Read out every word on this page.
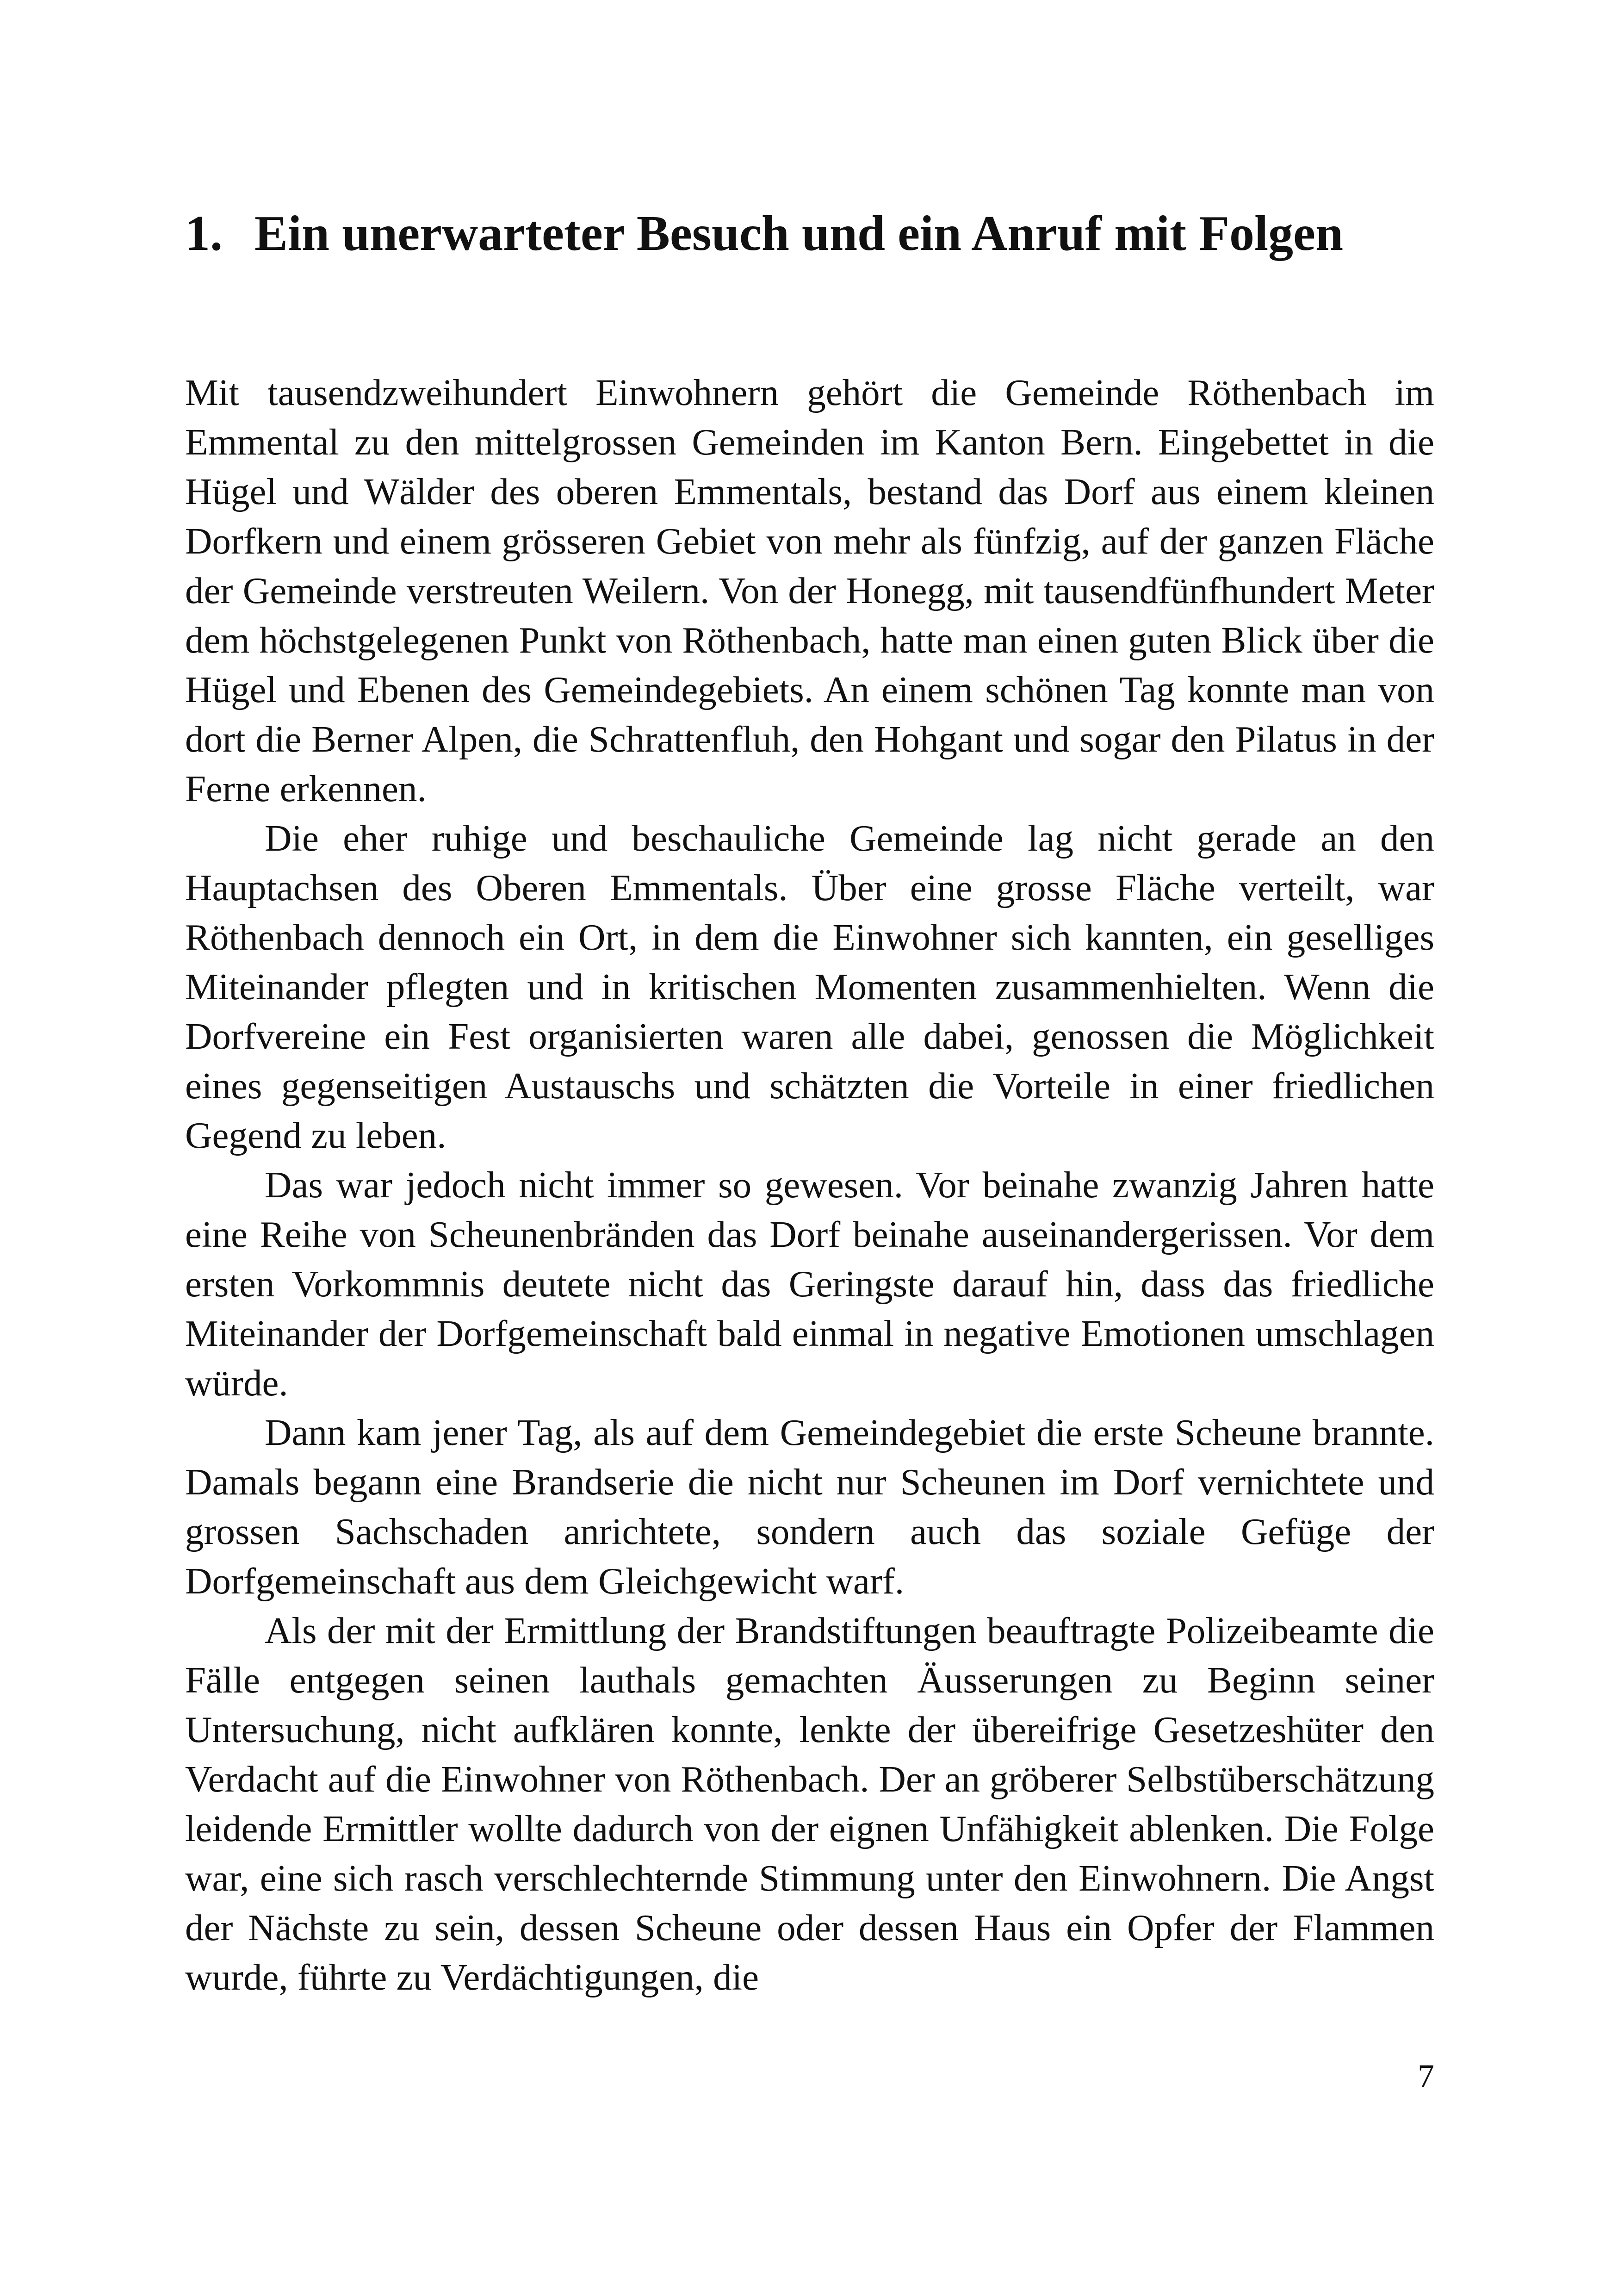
1. Ein unerwarteter Besuch und ein Anruf mit Folgen

Mit tausendzweihundert Einwohnern gehört die Gemeinde Röthenbach im Emmental zu den mittelgrossen Gemeinden im Kanton Bern. Eingebettet in die Hügel und Wälder des oberen Emmentals, bestand das Dorf aus einem kleinen Dorfkern und einem grösseren Gebiet von mehr als fünfzig, auf der ganzen Fläche der Gemeinde verstreuten Weilern. Von der Honegg, mit tausendfünfhundert Meter dem höchstgelegenen Punkt von Röthenbach, hatte man einen guten Blick über die Hügel und Ebenen des Gemeindegebiets. An einem schönen Tag konnte man von dort die Berner Alpen, die Schrattenfluh, den Hohgant und sogar den Pilatus in der Ferne erkennen.

Die eher ruhige und beschauliche Gemeinde lag nicht gerade an den Hauptachsen des Oberen Emmentals. Über eine grosse Fläche verteilt, war Röthenbach dennoch ein Ort, in dem die Einwohner sich kannten, ein geselliges Miteinander pflegten und in kritischen Momenten zusammenhielten. Wenn die Dorfvereine ein Fest organisierten waren alle dabei, genossen die Möglichkeit eines gegenseitigen Austauschs und schätzten die Vorteile in einer friedlichen Gegend zu leben.

Das war jedoch nicht immer so gewesen. Vor beinahe zwanzig Jahren hatte eine Reihe von Scheunenbränden das Dorf beinahe auseinandergerissen. Vor dem ersten Vorkommnis deutete nicht das Geringste darauf hin, dass das friedliche Miteinander der Dorfgemeinschaft bald einmal in negative Emotionen umschlagen würde.

Dann kam jener Tag, als auf dem Gemeindegebiet die erste Scheune brannte. Damals begann eine Brandserie die nicht nur Scheunen im Dorf vernichtete und grossen Sachschaden anrichtete, sondern auch das soziale Gefüge der Dorfgemeinschaft aus dem Gleichgewicht warf.

Als der mit der Ermittlung der Brandstiftungen beauftragte Polizeibeamte die Fälle entgegen seinen lauthals gemachten Äusserungen zu Beginn seiner Untersuchung, nicht aufklären konnte, lenkte der übereifrige Gesetzeshüter den Verdacht auf die Einwohner von Röthenbach. Der an gröberer Selbstüberschätzung leidende Ermittler wollte dadurch von der eignen Unfähigkeit ablenken. Die Folge war, eine sich rasch verschlechternde Stimmung unter den Einwohnern. Die Angst der Nächste zu sein, dessen Scheune oder dessen Haus ein Opfer der Flammen wurde, führte zu Verdächtigungen, die

7
